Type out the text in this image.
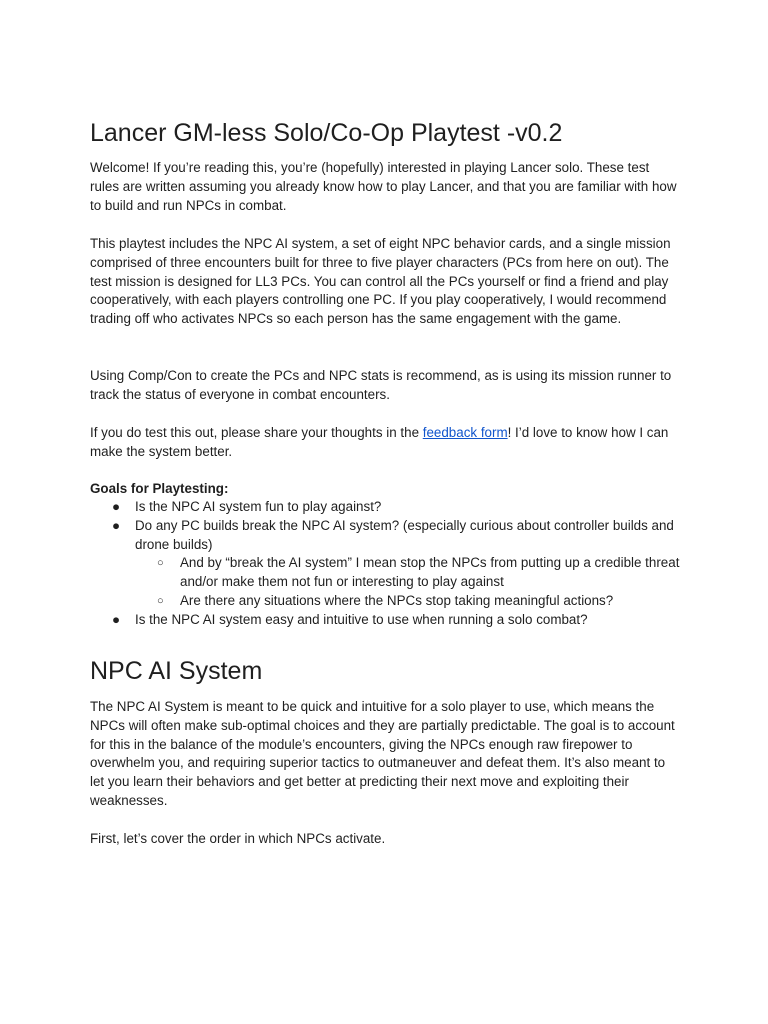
Lancer GM-less Solo/Co-Op Playtest -v0.2

Welcome! If you’re reading this, you’re (hopefully) interested in playing Lancer solo. These test rules are written assuming you already know how to play Lancer, and that you are familiar with how to build and run NPCs in combat.

This playtest includes the NPC AI system, a set of eight NPC behavior cards, and a single mission comprised of three encounters built for three to five player characters (PCs from here on out). The test mission is designed for LL3 PCs. You can control all the PCs yourself or find a friend and play cooperatively, with each players controlling one PC. If you play cooperatively, I would recommend trading off who activates NPCs so each person has the same engagement with the game.

Using Comp/Con to create the PCs and NPC stats is recommend, as is using its mission runner to track the status of everyone in combat encounters.

If you do test this out, please share your thoughts in the feedback form! I’d love to know how I can make the system better.

Goals for Playtesting:

● Is the NPC AI system fun to play against?
● Do any PC builds break the NPC AI system? (especially curious about controller builds and drone builds)
○ And by “break the AI system” I mean stop the NPCs from putting up a credible threat and/or make them not fun or interesting to play against
○ Are there any situations where the NPCs stop taking meaningful actions?
● Is the NPC AI system easy and intuitive to use when running a solo combat?
NPC AI System

The NPC AI System is meant to be quick and intuitive for a solo player to use, which means the NPCs will often make sub-optimal choices and they are partially predictable. The goal is to account for this in the balance of the module’s encounters, giving the NPCs enough raw firepower to overwhelm you, and requiring superior tactics to outmaneuver and defeat them. It’s also meant to let you learn their behaviors and get better at predicting their next move and exploiting their weaknesses.

First, let’s cover the order in which NPCs activate.
